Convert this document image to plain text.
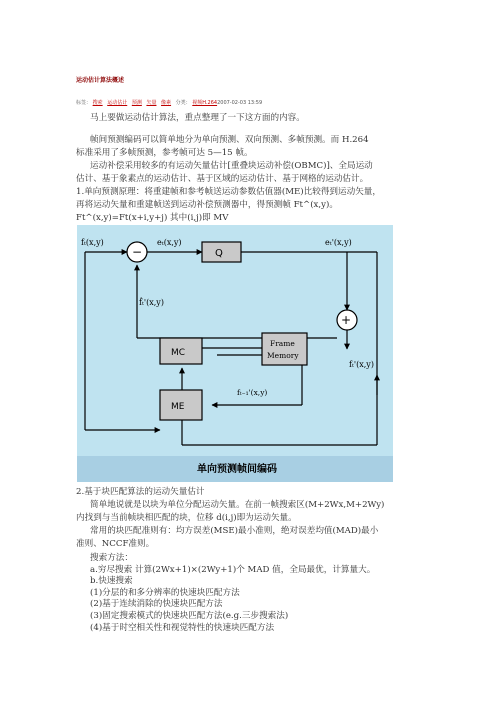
运动估计算法概述
标签： 搜索 运动估计 预测 矢量 像素 分类： 视频H.2642007-02-03 13:59
马上要做运动估计算法，重点整理了一下这方面的内容。
帧间预测编码可以简单地分为单向预测、双向预测、多帧预测。而 H.264
标准采用了多帧预测，参考帧可达 5—15 帧。
运动补偿采用较多的有运动矢量估计[重叠块运动补偿(OBMC)]、全局运动
估计、基于象素点的运动估计、基于区域的运动估计、基于网格的运动估计。
1.单向预测原理：将重建帧和参考帧送运动参数估值器(ME)比较得到运动矢量，
再将运动矢量和重建帧送到运动补偿预测器中，得预测帧 Ft^(x,y)。
Ft^(x,y)=Ft(x+i,y+j) 其中(i,j)即 MV
−
+
Q
Frame
Memory
MC
ME
fₜ(x,y)	eₜ(x,y)	eₜ'(x,y)
f̂ₜ'(x,y)
fₜ'(x,y)
fₜ₋₁'(x,y)
单向预测帧间编码
2.基于块匹配算法的运动矢量估计
简单地说就是以块为单位分配运动矢量。在前一帧搜索区(M+2Wx,M+2Wy)
内找到与当前帧块相匹配的块，位移 d(i,j)即为运动矢量。
常用的块匹配准则有：均方误差(MSE)最小准则，绝对误差均值(MAD)最小
准则、NCCF准则。
搜索方法：
a.穷尽搜索 计算(2Wx+1)×(2Wy+1)个 MAD 值，全局最优，计算量大。
b.快速搜索
(1)分层的和多分辨率的快速块匹配方法
(2)基于连续消除的快速块匹配方法
(3)固定搜索模式的快速块匹配方法(e.g.三步搜索法)
(4)基于时空相关性和视觉特性的快速块匹配方法
